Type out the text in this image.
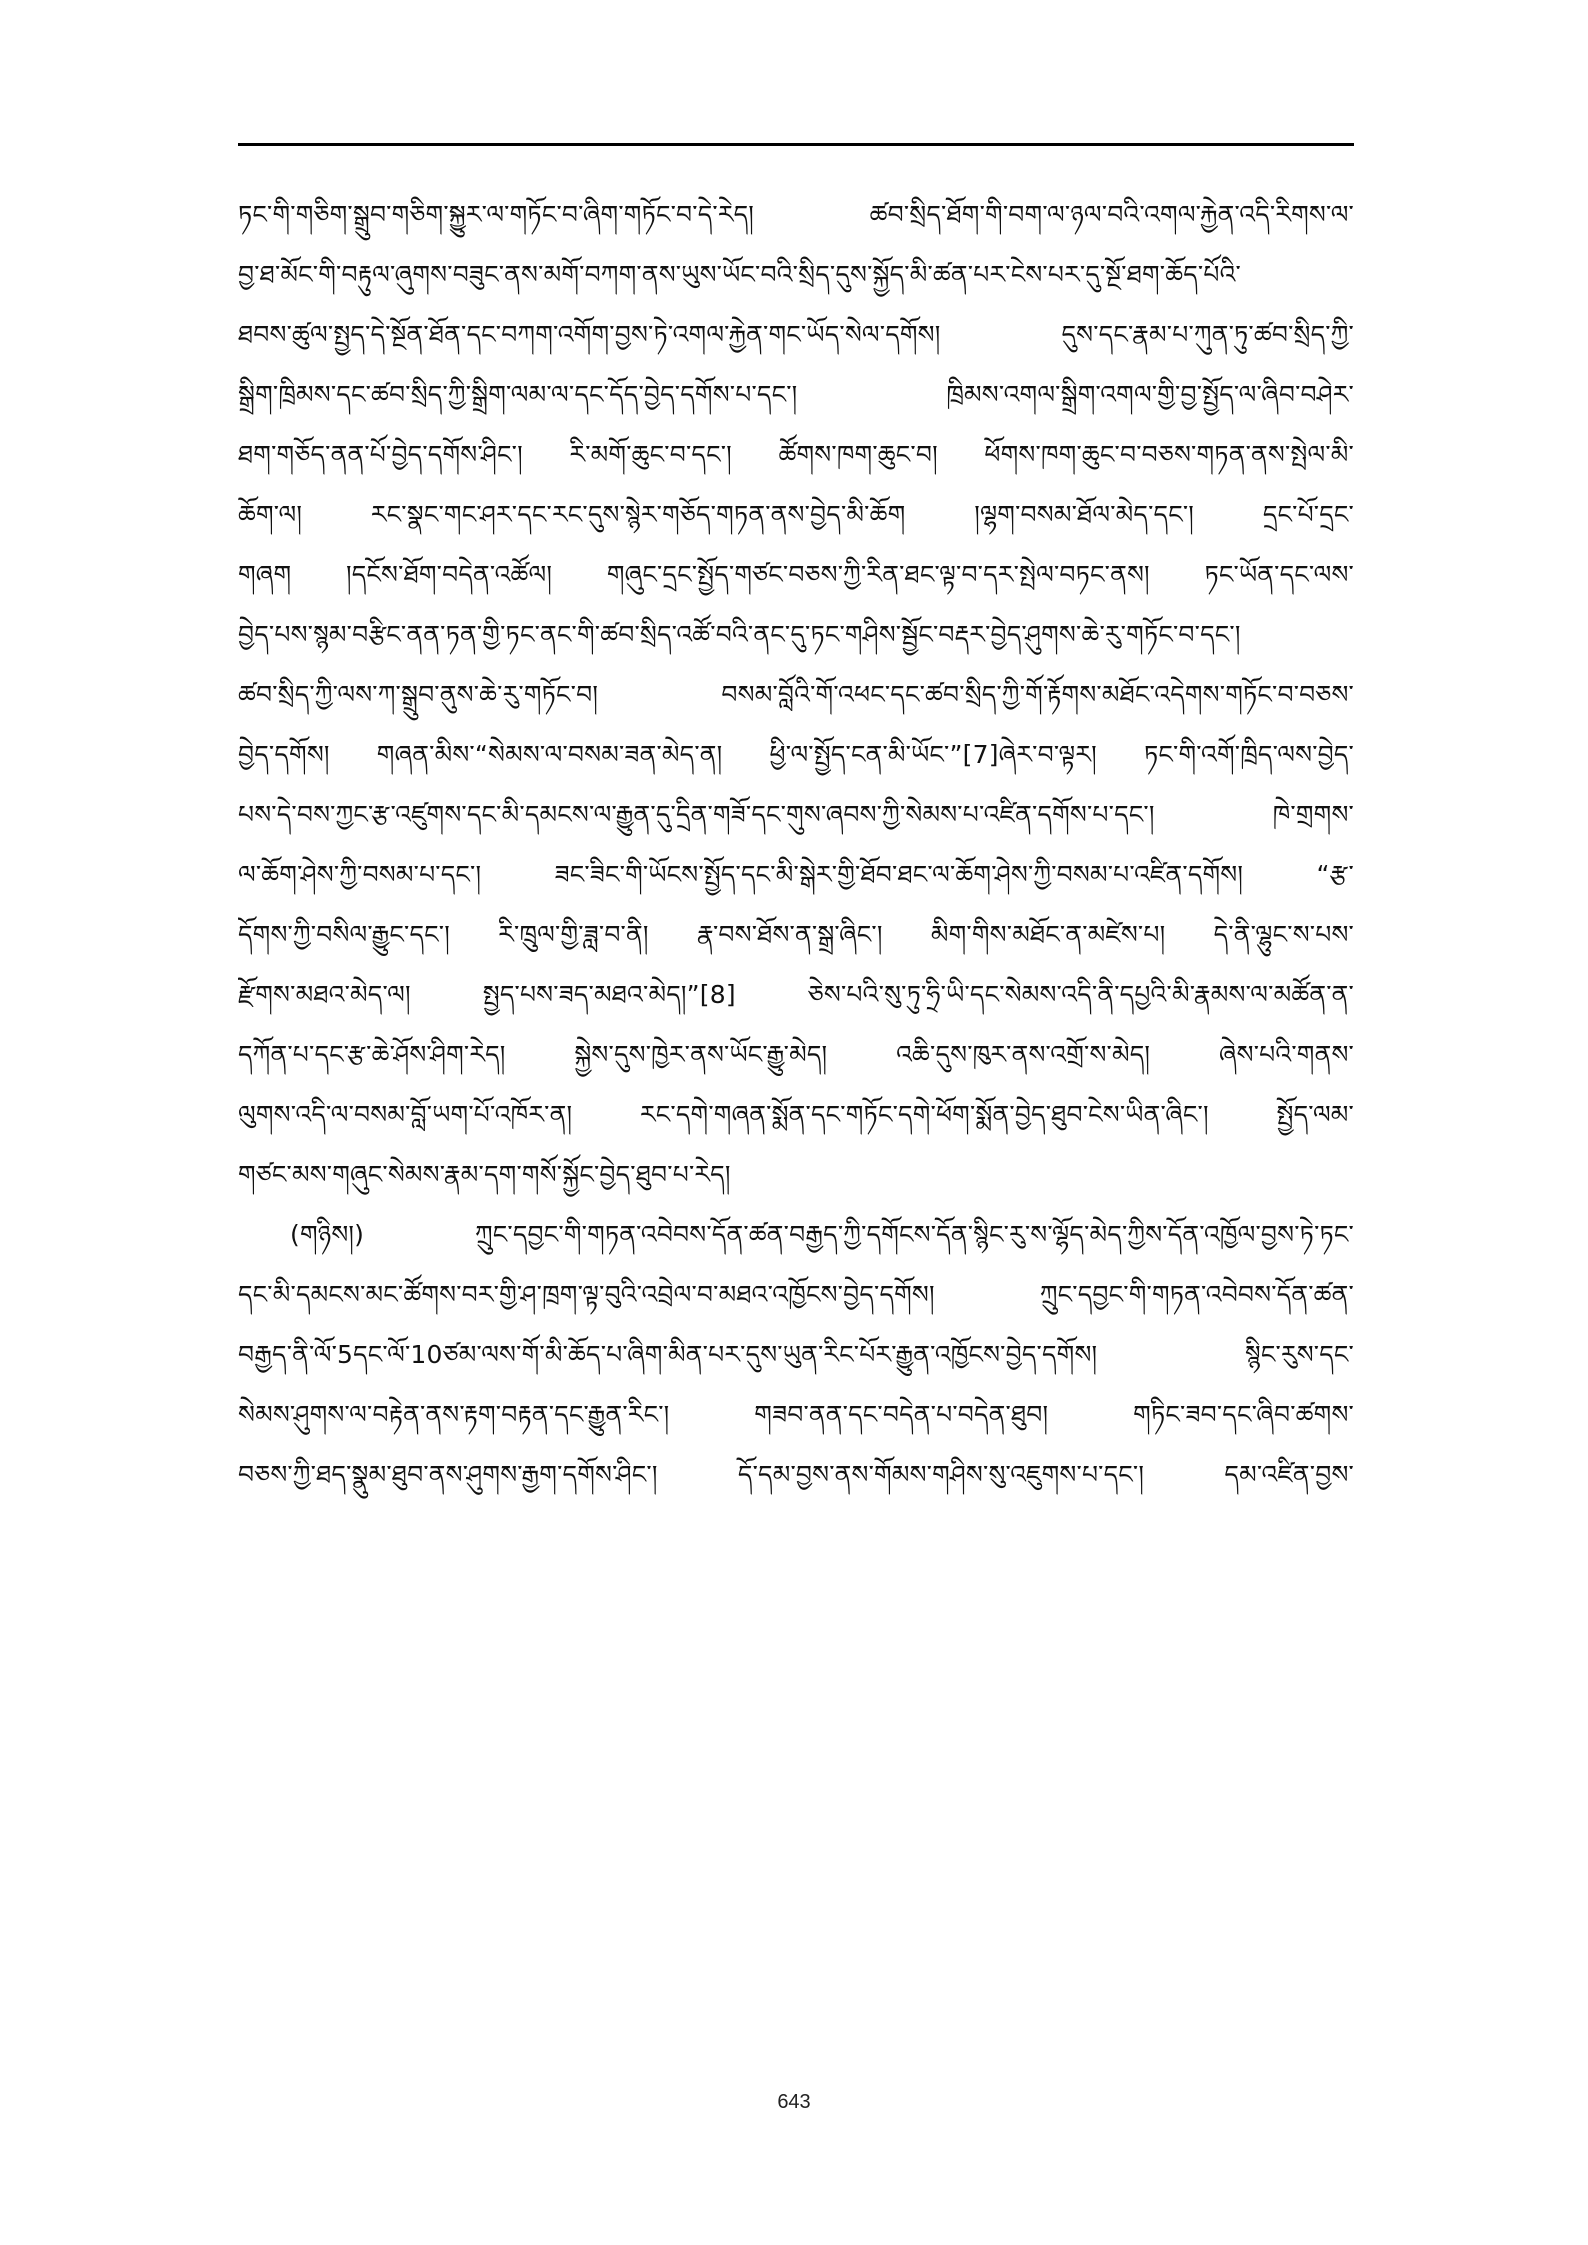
ཏང་གི་གཅིག་སྒྲུབ་གཅིག་སྐྱུར་ལ་གཏོང་བ་ཞིག་གཏོང་བ་དེ་རེད། ཚབ་སྲིད་ཐོག་གི་བག་ལ་ཉལ་བའི་འགལ་རྐྱེན་འདི་རིགས་ལ་
བྱ་ཐ་མོང་གི་བརྟུལ་ཞུགས་བཟུང་ནས་མགོ་བཀག་ནས་ཡུས་ཡོང་བའི་སྲིད་དུས་སྐྱོད་མི་ཚན་པར་ངེས་པར་དུ་སྔོ་ཐག་ཆོད་པོའི་
ཐབས་ཚུལ་སྤྱད་དེ་སྔོན་ཐོན་དང་བཀག་འགོག་བྱས་ཏེ་འགལ་རྐྱེན་གང་ཡོད་སེལ་དགོས། དུས་དང་རྣམ་པ་ཀུན་ཏུ་ཚབ་སྲིད་ཀྱི་
སྒྲིག་ཁྲིམས་དང་ཚབ་སྲིད་ཀྱི་སྒྲིག་ལམ་ལ་དང་དོད་བྱེད་དགོས་པ་དང་། ཁྲིམས་འགལ་སྒྲིག་འགལ་གྱི་བྱ་སྤྱོད་ལ་ཞིབ་བཤེར་
ཐག་གཅོད་ནན་པོ་བྱེད་དགོས་ཤིང་། རི་མགོ་ཆུང་བ་དང་། ཚོགས་ཁག་ཆུང་བ། ཕོགས་ཁག་ཆུང་བ་བཅས་གཏན་ནས་སྤེལ་མི་
ཆོག་ལ། རང་སྣང་གང་ཤར་དང་རང་དུས་སྙེར་གཅོད་གཏན་ནས་བྱེད་མི་ཆོག །ལྷག་བསམ་ཐོལ་མེད་དང་། དྲང་པོ་དྲང་
གཞག །དངོས་ཐོག་བདེན་འཚོལ། གཞུང་དྲང་སྤྱོད་གཙང་བཅས་ཀྱི་རིན་ཐང་ལྟ་བ་དར་སྤེལ་བཏང་ནས། ཏང་ཡོན་དང་ལས་
བྱེད་པས་སྙམ་བརྩིང་ནན་ཏན་གྱི་ཏང་ནང་གི་ཚབ་སྲིད་འཚོ་བའི་ནང་དུ་ཏང་གཤིས་སྦྱོང་བརྡར་བྱེད་ཤུགས་ཆེ་རུ་གཏོང་བ་དང་།
ཚབ་སྲིད་ཀྱི་ལས་ཀ་སྒྲུབ་ནུས་ཆེ་རུ་གཏོང་བ། བསམ་བློའི་གོ་འཕང་དང་ཚབ་སྲིད་ཀྱི་གོ་རྟོགས་མཐོང་འདེགས་གཏོང་བ་བཅས་
བྱེད་དགོས། གཞན་མིས་“སེམས་ལ་བསམ་ཟན་མེད་ན། ཕྱི་ལ་སྤྱོད་ངན་མི་ཡོང་”[7]ཞེར་བ་ལྟར། ཏང་གི་འགོ་ཁྲིད་ལས་བྱེད་
པས་དེ་བས་ཀྱང་རྩ་འཛུགས་དང་མི་དམངས་ལ་རྒྱུན་དུ་དྲིན་གཟོ་དང་གུས་ཞབས་ཀྱི་སེམས་པ་འཛིན་དགོས་པ་དང་། ཁེ་གྲགས་
ལ་ཆོག་ཤེས་ཀྱི་བསམ་པ་དང་། ཟང་ཟིང་གི་ཡོངས་སྤྱོད་དང་མི་སྒེར་གྱི་ཐོབ་ཐང་ལ་ཆོག་ཤེས་ཀྱི་བསམ་པ་འཛིན་དགོས། “རྩ་
དོགས་ཀྱི་བསིལ་རྒྱུང་དང་། རི་ཁྲུལ་གྱི་ཟླ་བ་ནི། རྣ་བས་ཐོས་ན་སྒྲ་ཞིང་། མིག་གིས་མཐོང་ན་མཛེས་པ། དེ་ནི་ལྷུང་ས་པས་
རྫོགས་མཐའ་མེད་ལ། སྤྱད་པས་ཟད་མཐའ་མེད།”[8] ཅེས་པའི་སུ་ཏུ་ཧྲི་ཡི་དང་སེམས་འདི་ནི་དཔྱའི་མི་རྣམས་ལ་མཚོན་ན་
དཀོན་པ་དང་རྩ་ཆེ་ཤོས་ཤིག་རེད། སྐྱེས་དུས་ཁྱེར་ནས་ཡོང་རྒྱུ་མེད། འཆི་དུས་ཁུར་ནས་འགྲོ་ས་མེད། ཞེས་པའི་གནས་
ལུགས་འདི་ལ་བསམ་བློ་ཡག་པོ་འཁོར་ན། རང་དགེ་གཞན་སྨོན་དང་གཏོང་དགེ་ཕོག་སྨོན་བྱེད་ཐུབ་ངེས་ཡིན་ཞིང་། སྤྱོད་ལམ་
གཙང་མས་གཞུང་སེམས་རྣམ་དག་གསོ་སྐྱོང་བྱེད་ཐུབ་པ་རེད།
(གཉིས།) ཀྲུང་དབྱང་གི་གཏན་འབེབས་དོན་ཚན་བརྒྱད་ཀྱི་དགོངས་དོན་སྙིང་རུ་ས་ལྷོད་མེད་ཀྱིས་དོན་འཁྱོལ་བྱས་ཏེ་ཏང་
དང་མི་དམངས་མང་ཚོགས་བར་གྱི་ཤ་ཁྲག་ལྟ་བུའི་འབྲེལ་བ་མཐའ་འཁྱོངས་བྱེད་དགོས། ཀྲུང་དབྱང་གི་གཏན་འབེབས་དོན་ཚན་
བརྒྱད་ནི་ལོ་5དང་ལོ་10ཙམ་ལས་གོ་མི་ཆོད་པ་ཞིག་མིན་པར་དུས་ཡུན་རིང་པོར་རྒྱུན་འཁྱོངས་བྱེད་དགོས། སྙིང་རུས་དང་
སེམས་ཤུགས་ལ་བརྟེན་ནས་རྟག་བརྟན་དང་རྒྱུན་རིང་། གཟབ་ནན་དང་བདེན་པ་བདེན་ཐུབ། གཏིང་ཟབ་དང་ཞིབ་ཚགས་
བཅས་ཀྱི་ཐད་སྣུམ་ཐུབ་ནས་ཤུགས་རྒྱག་དགོས་ཤིང་། དོ་དམ་བྱས་ནས་གོམས་གཤིས་སུ་འཇུགས་པ་དང་། དམ་འཛིན་བྱས་
643
